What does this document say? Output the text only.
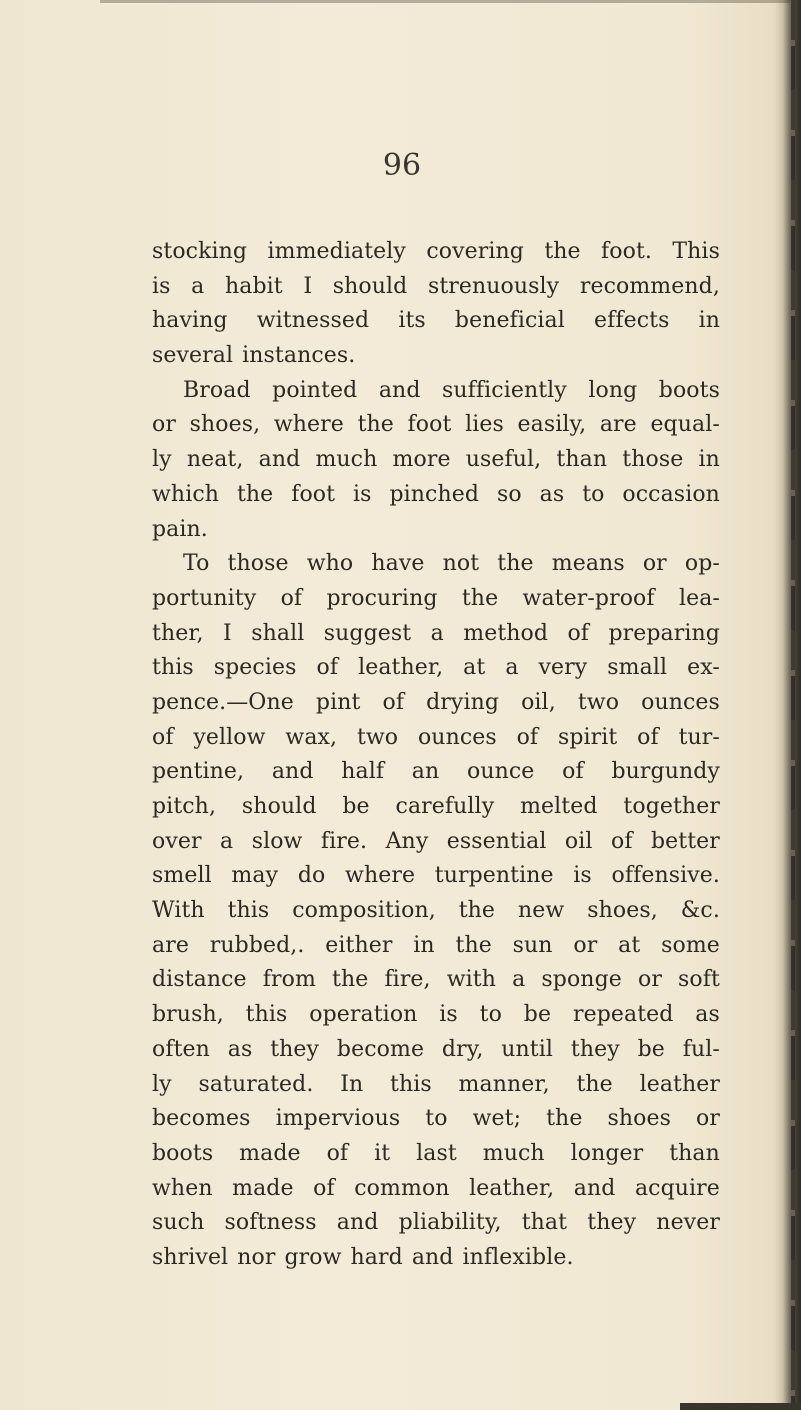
96
stocking immediately covering the foot. This
is a habit I should strenuously recommend,
having witnessed its beneficial effects in
several instances.
Broad pointed and sufficiently long boots
or shoes, where the foot lies easily, are equal-
ly neat, and much more useful, than those in
which the foot is pinched so as to occasion
pain.
To those who have not the means or op-
portunity of procuring the water-proof lea-
ther, I shall suggest a method of preparing
this species of leather, at a very small ex-
pence.—One pint of drying oil, two ounces
of yellow wax, two ounces of spirit of tur-
pentine, and half an ounce of burgundy
pitch, should be carefully melted together
over a slow fire. Any essential oil of better
smell may do where turpentine is offensive.
With this composition, the new shoes, &c.
are rubbed,. either in the sun or at some
distance from the fire, with a sponge or soft
brush, this operation is to be repeated as
often as they become dry, until they be ful-
ly saturated. In this manner, the leather
becomes impervious to wet; the shoes or
boots made of it last much longer than
when made of common leather, and acquire
such softness and pliability, that they never
shrivel nor grow hard and inflexible.
